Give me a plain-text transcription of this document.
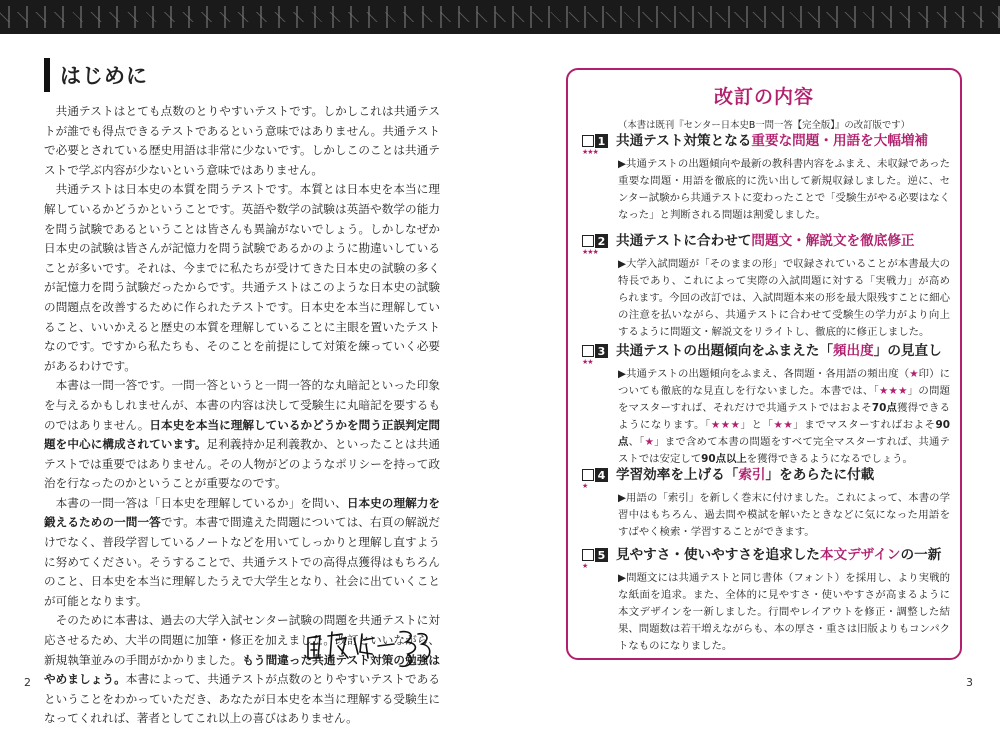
はじめに

共通テストはとても点数のとりやすいテストです。しかしこれは共通テストが誰でも得点できるテストであるという意味ではありません。共通テストで必要とされている歴史用語は非常に少ないです。しかしこのことは共通テストで学ぶ内容が少ないという意味ではありません。

共通テストは日本史の本質を問うテストです。本質とは日本史を本当に理解しているかどうかということです。英語や数学の試験は英語や数学の能力を問う試験であるということは皆さんも異論がないでしょう。しかしなぜか日本史の試験は皆さんが記憶力を問う試験であるかのように勘違いしていることが多いです。それは、今までに私たちが受けてきた日本史の試験の多くが記憶力を問う試験だったからです。共通テストはこのような日本史の試験の問題点を改善するために作られたテストです。日本史を本当に理解していること、いいかえると歴史の本質を理解していることに主眼を置いたテストなのです。ですから私たちも、そのことを前提にして対策を練っていく必要があるわけです。

本書は一問一答です。一問一答というと一問一答的な丸暗記といった印象を与えるかもしれませんが、本書の内容は決して受験生に丸暗記を要するものではありません。日本史を本当に理解しているかどうかを問う正誤判定問題を中心に構成されています。足利義持か足利義教か、といったことは共通テストでは重要ではありません。その人物がどのようなポリシーを持って政治を行なったのかということが重要なのです。

本書の一問一答は「日本史を理解しているか」を問い、日本史の理解力を鍛えるための一問一答です。本書で間違えた問題については、右頁の解説だけでなく、普段学習しているノートなどを用いてしっかりと理解し直すように努めてください。そうすることで、共通テストでの高得点獲得はもちろんのこと、日本史を本当に理解したうえで大学生となり、社会に出ていくことが可能となります。

そのために本書は、過去の大学入試センター試験の問題を共通テストに対応させるため、大半の問題に加筆・修正を加えました。改訂といいながら、新規執筆並みの手間がかかりました。もう間違った共通テスト対策の勉強はやめましょう。本書によって、共通テストが点数のとりやすいテストであるということをわかっていただき、あなたが日本史を本当に理解する受験生になってくれれば、著者としてこれ以上の喜びはありません。

2	3
改訂の内容
（本書は既刊『センター日本史B一問一答【完全版】』の改訂版です）
1
★★★
共通テスト対策となる重要な問題・用語を大幅増補
▶共通テストの出題傾向や最新の教科書内容をふまえ、未収録であった重要な問題・用語を徹底的に洗い出して新規収録しました。逆に、センター試験から共通テストに変わったことで「受験生がやる必要はなくなった」と判断される問題は割愛しました。
2
★★★
共通テストに合わせて問題文・解説文を徹底修正
▶大学入試問題が「そのままの形」で収録されていることが本書最大の特長であり、これによって実際の入試問題に対する「実戦力」が高められます。今回の改訂では、入試問題本来の形を最大限残すことに細心の注意を払いながら、共通テストに合わせて受験生の学力がより向上するように問題文・解説文をリライトし、徹底的に修正しました。
3
★★
共通テストの出題傾向をふまえた「頻出度」の見直し
▶共通テストの出題傾向をふまえ、各問題・各用語の頻出度（★印）についても徹底的な見直しを行ないました。本書では、「★★★」の問題をマスターすれば、それだけで共通テストではおよそ70点獲得できるようになります。「★★★」と「★★」までマスターすればおよそ90点、「★」まで含めて本書の問題をすべて完全マスターすれば、共通テストでは安定して90点以上を獲得できるようになるでしょう。
4
★
学習効率を上げる「索引」をあらたに付載
▶用語の「索引」を新しく巻末に付けました。これによって、本書の学習中はもちろん、過去問や模試を解いたときなどに気になった用語をすばやく検索・学習することができます。
5
★
見やすさ・使いやすさを追求した本文デザインの一新
▶問題文には共通テストと同じ書体（フォント）を採用し、より実戦的な紙面を追求。また、全体的に見やすさ・使いやすさが高まるように本文デザインを一新しました。行間やレイアウトを修正・調整した結果、問題数は若干増えながらも、本の厚さ・重さは旧版よりもコンパクトなものになりました。
